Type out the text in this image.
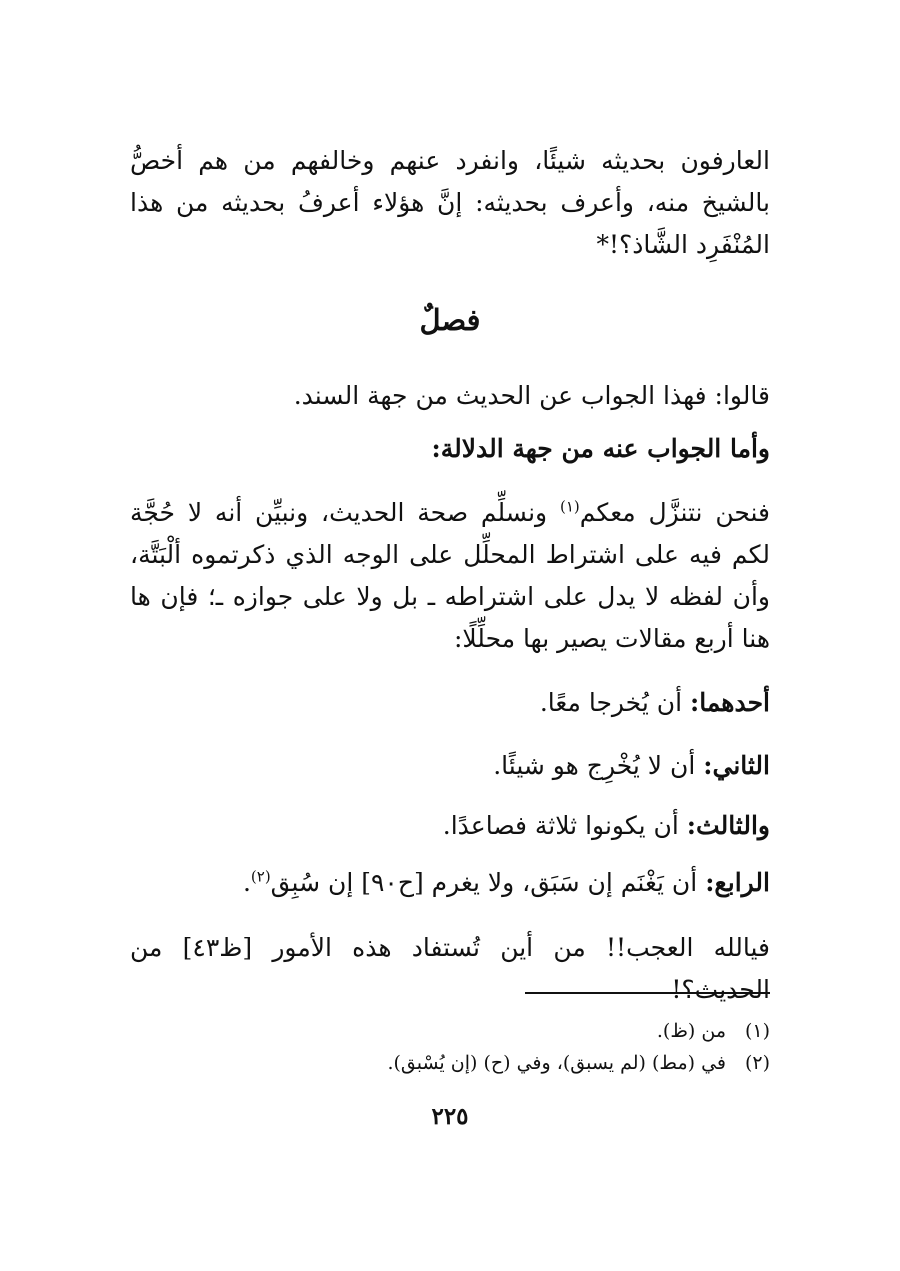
العارفون بحديثه شيئًا، وانفرد عنهم وخالفهم من هم أخصُّ بالشيخ منه، وأعرف بحديثه: إنَّ هؤلاء أعرفُ بحديثه من هذا المُنْفَرِد الشَّاذ؟!*

فصلٌ

قالوا: فهذا الجواب عن الحديث من جهة السند.

وأما الجواب عنه من جهة الدلالة:

فنحن نتنزَّل معكم$^{(١)}$ ونسلِّم صحة الحديث، ونبيِّن أنه لا حُجَّة لكم فيه على اشتراط المحلِّل على الوجه الذي ذكرتموه ألْبَتَّة، وأن لفظه لا يدل على اشتراطه ـ بل ولا على جوازه ـ؛ فإن ها هنا أربع مقالات يصير بها محلِّلًا:

أحدهما: أن يُخرجا معًا.

الثاني: أن لا يُخْرِج هو شيئًا.

والثالث: أن يكونوا ثلاثة فصاعدًا.

الرابع: أن يَغْنَم إن سَبَق، ولا يغرم [ح٩٠] إن سُبِق$^{(٢)}$.

فيالله العجب!! من أين تُستفاد هذه الأمور [ظ٤٣] من الحديث؟!

(١)من (ظ).
(٢)في (مط) (لم يسبق)، وفي (ح) (إن يُسْبق).
٢٢٥
